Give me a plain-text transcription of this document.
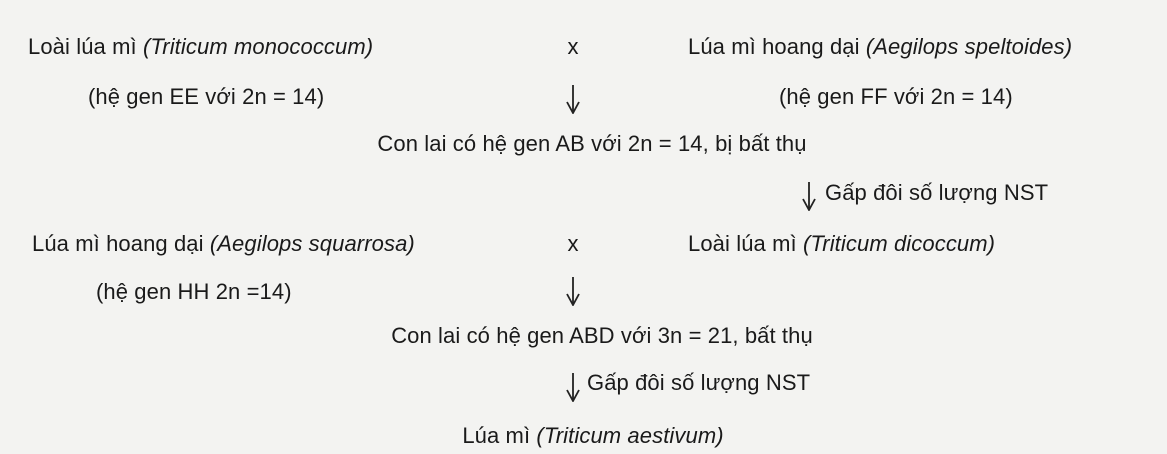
Loài lúa mì (Triticum monococcum)	x	Lúa mì hoang dại (Aegilops speltoides)
(hệ gen EE với 2n = 14)	(hệ gen FF với 2n = 14)
Con lai có hệ gen AB với 2n = 14, bị bất thụ
Gấp đôi số lượng NST
Lúa mì hoang dại (Aegilops squarrosa)	x	Loài lúa mì (Triticum dicoccum)
(hệ gen HH 2n =14)
Con lai có hệ gen ABD với 3n = 21, bất thụ
Gấp đôi số lượng NST
Lúa mì (Triticum aestivum)
